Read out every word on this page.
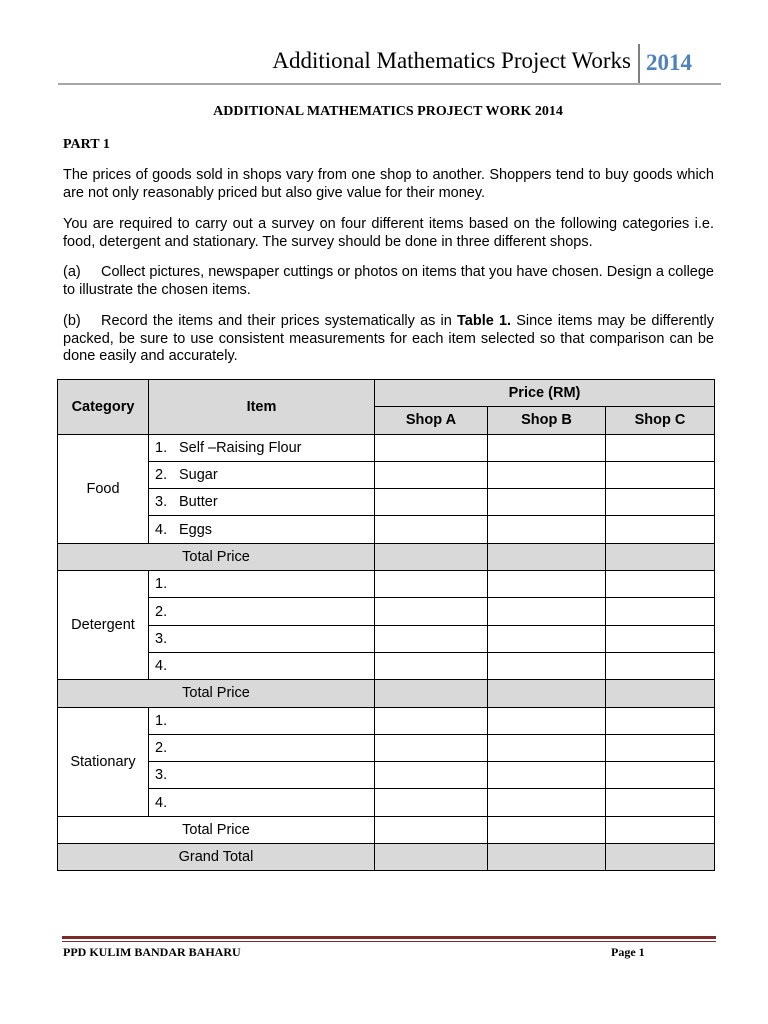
Additional Mathematics Project Works 2014
ADDITIONAL MATHEMATICS PROJECT WORK 2014
PART 1
The prices of goods sold in shops vary from one shop to another. Shoppers tend to buy goods which are not only reasonably priced but also give value for their money.
You are required to carry out a survey on four different items based on the following categories i.e. food, detergent and stationary. The survey should be done in three different shops.
(a) Collect pictures, newspaper cuttings or photos on items that you have chosen. Design a college to illustrate the chosen items.
(b) Record the items and their prices systematically as in Table 1. Since items may be differently packed, be sure to use consistent measurements for each item selected so that comparison can be done easily and accurately.
Category	Item	Price (RM)		
		Shop A	Shop B	Shop C
Food	1. Self –Raising Flour			
	2. Sugar			
	3. Butter			
	4. Eggs			
Total Price				
Detergent	1.			
	2.			
	3.			
	4.			
Total Price				
Stationary	1.			
	2.			
	3.			
	4.			
Total Price				
Grand Total				
PPD KULIM BANDAR BAHARU	Page 1
